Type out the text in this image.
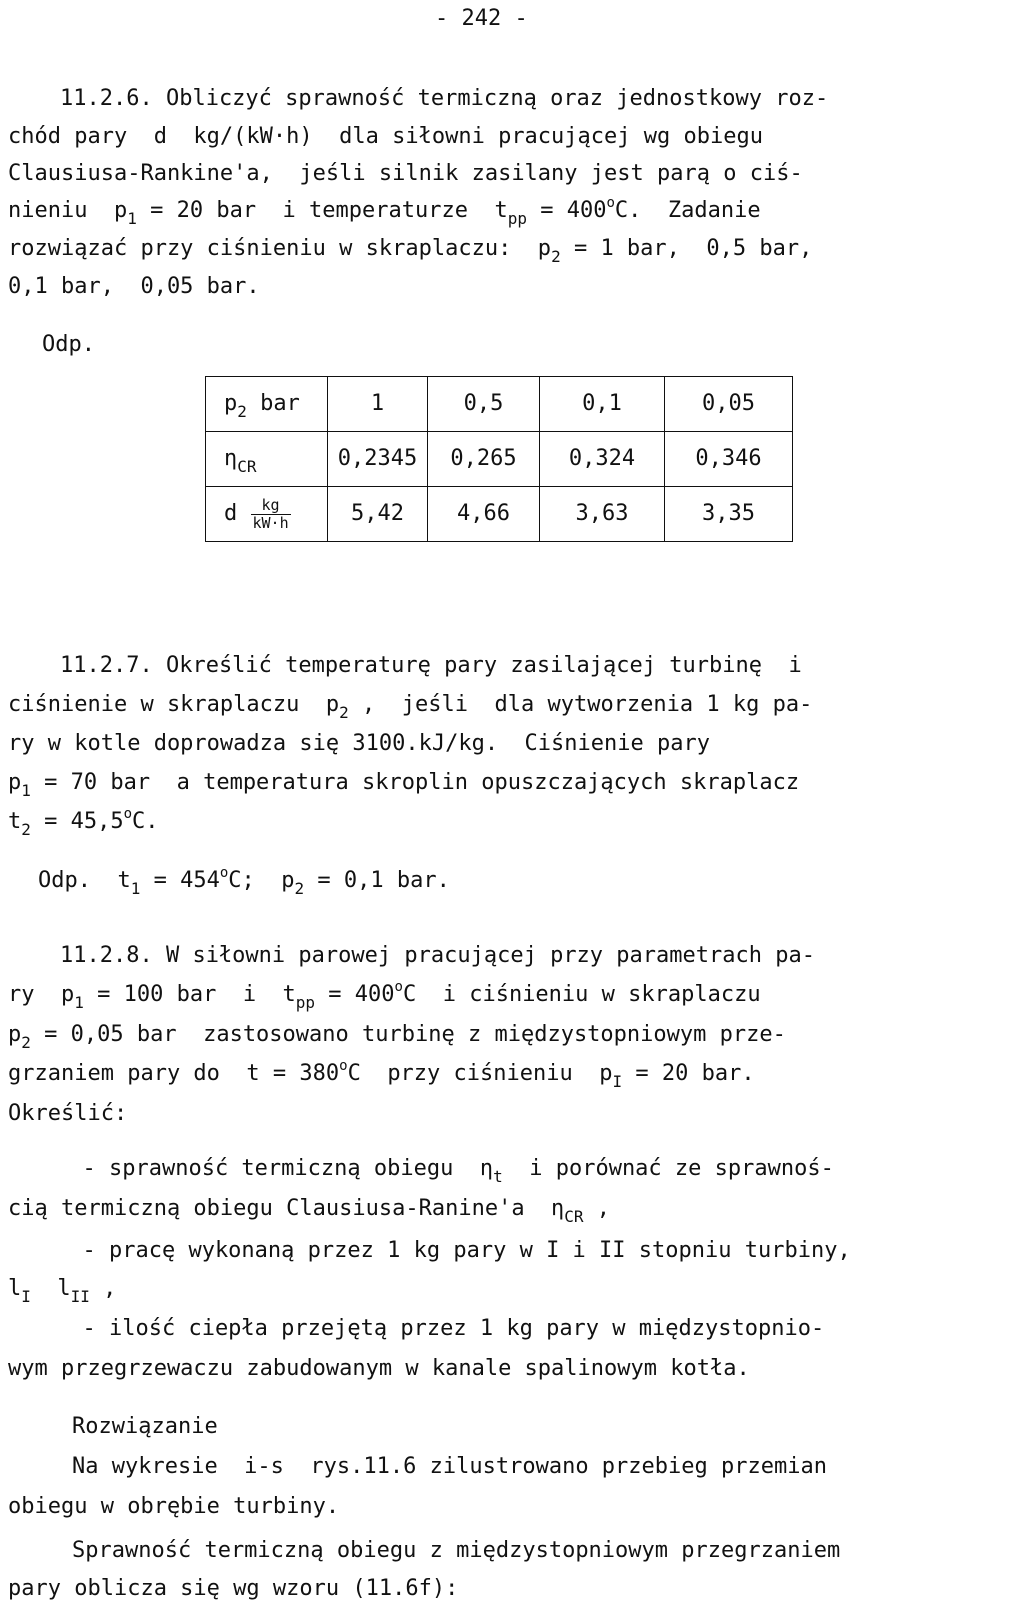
- 242 -
11.2.6. Obliczyć sprawność termiczną oraz jednostkowy roz-
chód pary  d  kg/(kW·h)  dla siłowni pracującej wg obiegu
Clausiusa-Rankine'a,  jeśli silnik zasilany jest parą o ciś-
nieniu  $p_1 = 20$ bar  i temperaturze  $t_{pp} = 400^oC$.  Zadanie
rozwiązać przy ciśnieniu w skraplaczu:  $p_2 = 1$ bar,  0,5 bar,
0,1 bar,  0,05 bar.
Odp.
$p_2$ bar	1	0,5	0,1	0,05
$\eta_{CR}$	0,2345	0,265	0,324	0,346
d $\frac{kg}{kW\cdot h}$	5,42	4,66	3,63	3,35
11.2.7. Określić temperaturę pary zasilającej turbinę  i
ciśnienie w skraplaczu  $p_2$ ,  jeśli  dla wytworzenia 1 kg pa-
ry w kotle doprowadza się 3100.kJ/kg.  Ciśnienie pary
$p_1 = 70$ bar  a temperatura skroplin opuszczających skraplacz
$t_2 = 45,5^oC$.
Odp.  $t_1 = 454^oC$;  $p_2 = 0,1$ bar.
11.2.8. W siłowni parowej pracującej przy parametrach pa-
ry  $p_1 = 100$ bar  i  $t_{pp} = 400^oC$  i ciśnieniu w skraplaczu
$p_2 = 0,05$ bar  zastosowano turbinę z międzystopniowym prze-
grzaniem pary do  $t = 380^oC$  przy ciśnieniu  $p_I = 20$ bar.
Określić:
- sprawność termiczną obiegu  $\eta_t$  i porównać ze sprawnoś-
cią termiczną obiegu Clausiusa-Ranine'a  $\eta_{CR}$ ,
- pracę wykonaną przez 1 kg pary w I i II stopniu turbiny,
$l_I$  $l_{II}$ ,
- ilość ciepła przejętą przez 1 kg pary w międzystopnio-
wym przegrzewaczu zabudowanym w kanale spalinowym kotła.
Rozwiązanie
Na wykresie  i-s  rys.11.6 zilustrowano przebieg przemian
obiegu w obrębie turbiny.
Sprawność termiczną obiegu z międzystopniowym przegrzaniem
pary oblicza się wg wzoru (11.6f):
